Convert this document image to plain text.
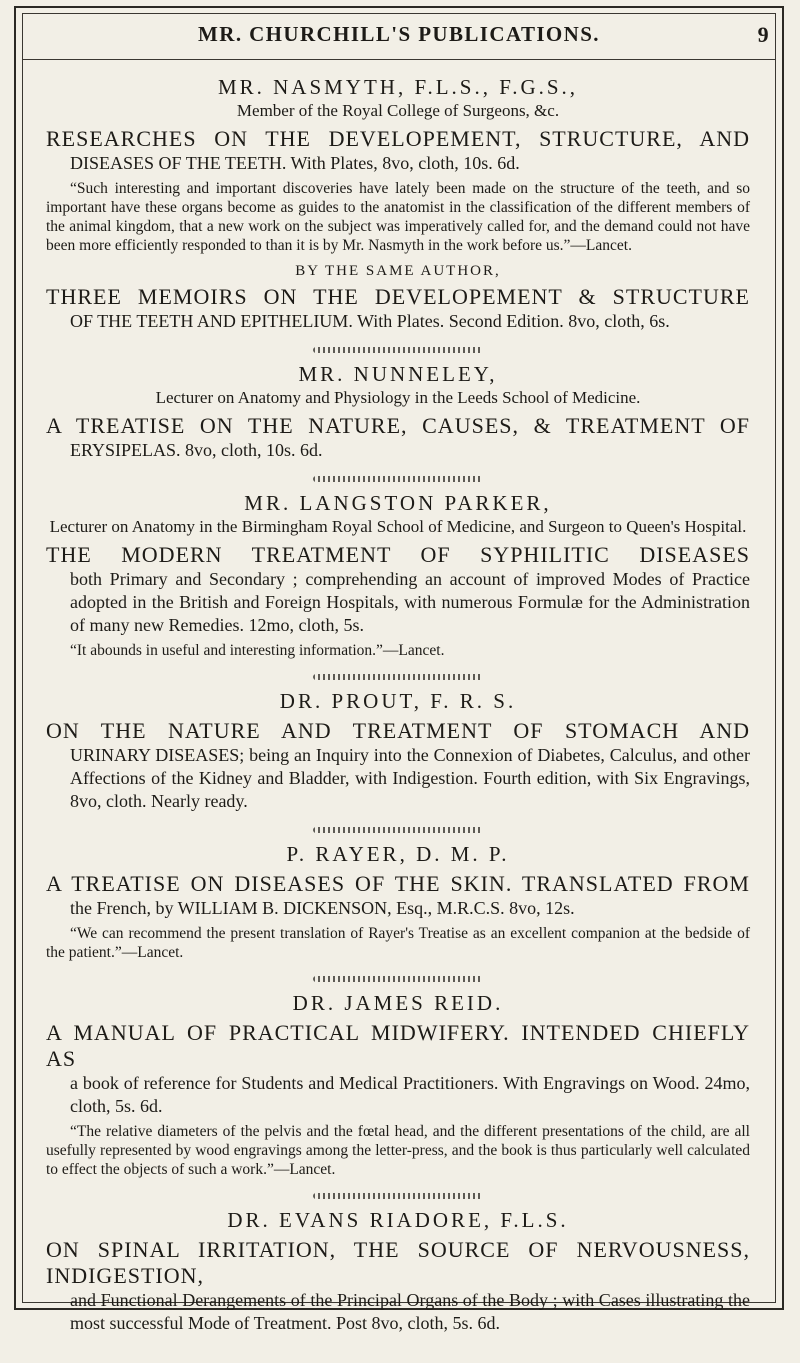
MR. CHURCHILL'S PUBLICATIONS.	9

MR. NASMYTH, F.L.S., F.G.S.,

Member of the Royal College of Surgeons, &c.

RESEARCHES ON THE DEVELOPEMENT, STRUCTURE, AND

DISEASES OF THE TEETH. With Plates, 8vo, cloth, 10s. 6d.

“Such interesting and important discoveries have lately been made on the structure of the teeth, and so important have these organs become as guides to the anatomist in the classification of the different members of the animal kingdom, that a new work on the subject was imperatively called for, and the demand could not have been more efficiently responded to than it is by Mr. Nasmyth in the work before us.”—Lancet.

BY THE SAME AUTHOR,

THREE MEMOIRS ON THE DEVELOPEMENT & STRUCTURE

OF THE TEETH AND EPITHELIUM. With Plates. Second Edition. 8vo, cloth, 6s.

MR. NUNNELEY,

Lecturer on Anatomy and Physiology in the Leeds School of Medicine.

A TREATISE ON THE NATURE, CAUSES, & TREATMENT OF

ERYSIPELAS. 8vo, cloth, 10s. 6d.

MR. LANGSTON PARKER,

Lecturer on Anatomy in the Birmingham Royal School of Medicine, and Surgeon to Queen's Hospital.

THE MODERN TREATMENT OF SYPHILITIC DISEASES

both Primary and Secondary ; comprehending an account of improved Modes of Practice adopted in the British and Foreign Hospitals, with numerous Formulæ for the Administration of many new Remedies. 12mo, cloth, 5s.

“It abounds in useful and interesting information.”—Lancet.

DR. PROUT, F. R. S.

ON THE NATURE AND TREATMENT OF STOMACH AND

URINARY DISEASES; being an Inquiry into the Connexion of Diabetes, Calculus, and other Affections of the Kidney and Bladder, with Indigestion. Fourth edition, with Six Engravings, 8vo, cloth. Nearly ready.

P. RAYER, D. M. P.

A TREATISE ON DISEASES OF THE SKIN. TRANSLATED FROM

the French, by WILLIAM B. DICKENSON, Esq., M.R.C.S. 8vo, 12s.

“We can recommend the present translation of Rayer's Treatise as an excellent companion at the bedside of the patient.”—Lancet.

DR. JAMES REID.

A MANUAL OF PRACTICAL MIDWIFERY. INTENDED CHIEFLY AS

a book of reference for Students and Medical Practitioners. With Engravings on Wood. 24mo, cloth, 5s. 6d.

“The relative diameters of the pelvis and the fœtal head, and the different presentations of the child, are all usefully represented by wood engravings among the letter-press, and the book is thus particularly well calculated to effect the objects of such a work.”—Lancet.

DR. EVANS RIADORE, F.L.S.

ON SPINAL IRRITATION, THE SOURCE OF NERVOUSNESS, INDIGESTION,

and Functional Derangements of the Principal Organs of the Body ; with Cases illustrating the most successful Mode of Treatment. Post 8vo, cloth, 5s. 6d.
